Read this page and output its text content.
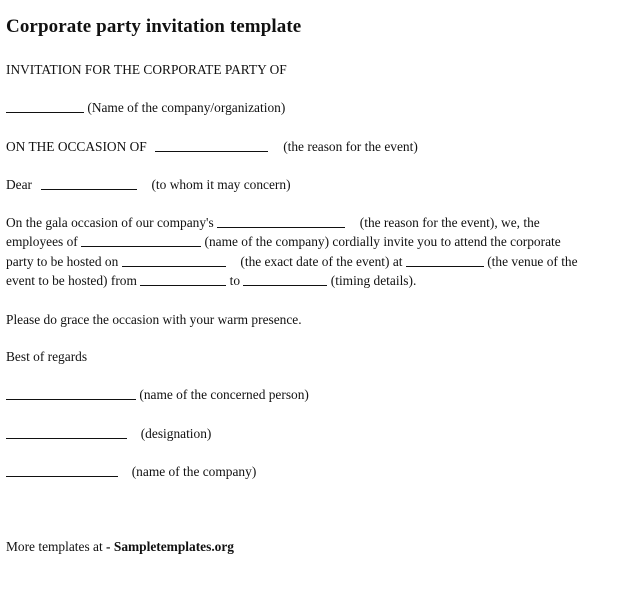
Corporate party invitation template
INVITATION FOR THE CORPORATE PARTY OF
(Name of the company/organization)
ON THE OCCASION OF	(the reason for the event)
Dear	(to whom it may concern)
On the gala occasion of our company's	(the reason for the event), we, the
employees of	(name of the company) cordially invite you to attend the corporate
party to be hosted on	(the exact date of the event) at	(the venue of the
event to be hosted) from	to	(timing details).
Please do grace the occasion with your warm presence.
Best of regards
(name of the concerned person)
(designation)
(name of the company)
More templates at - Sampletemplates.org
